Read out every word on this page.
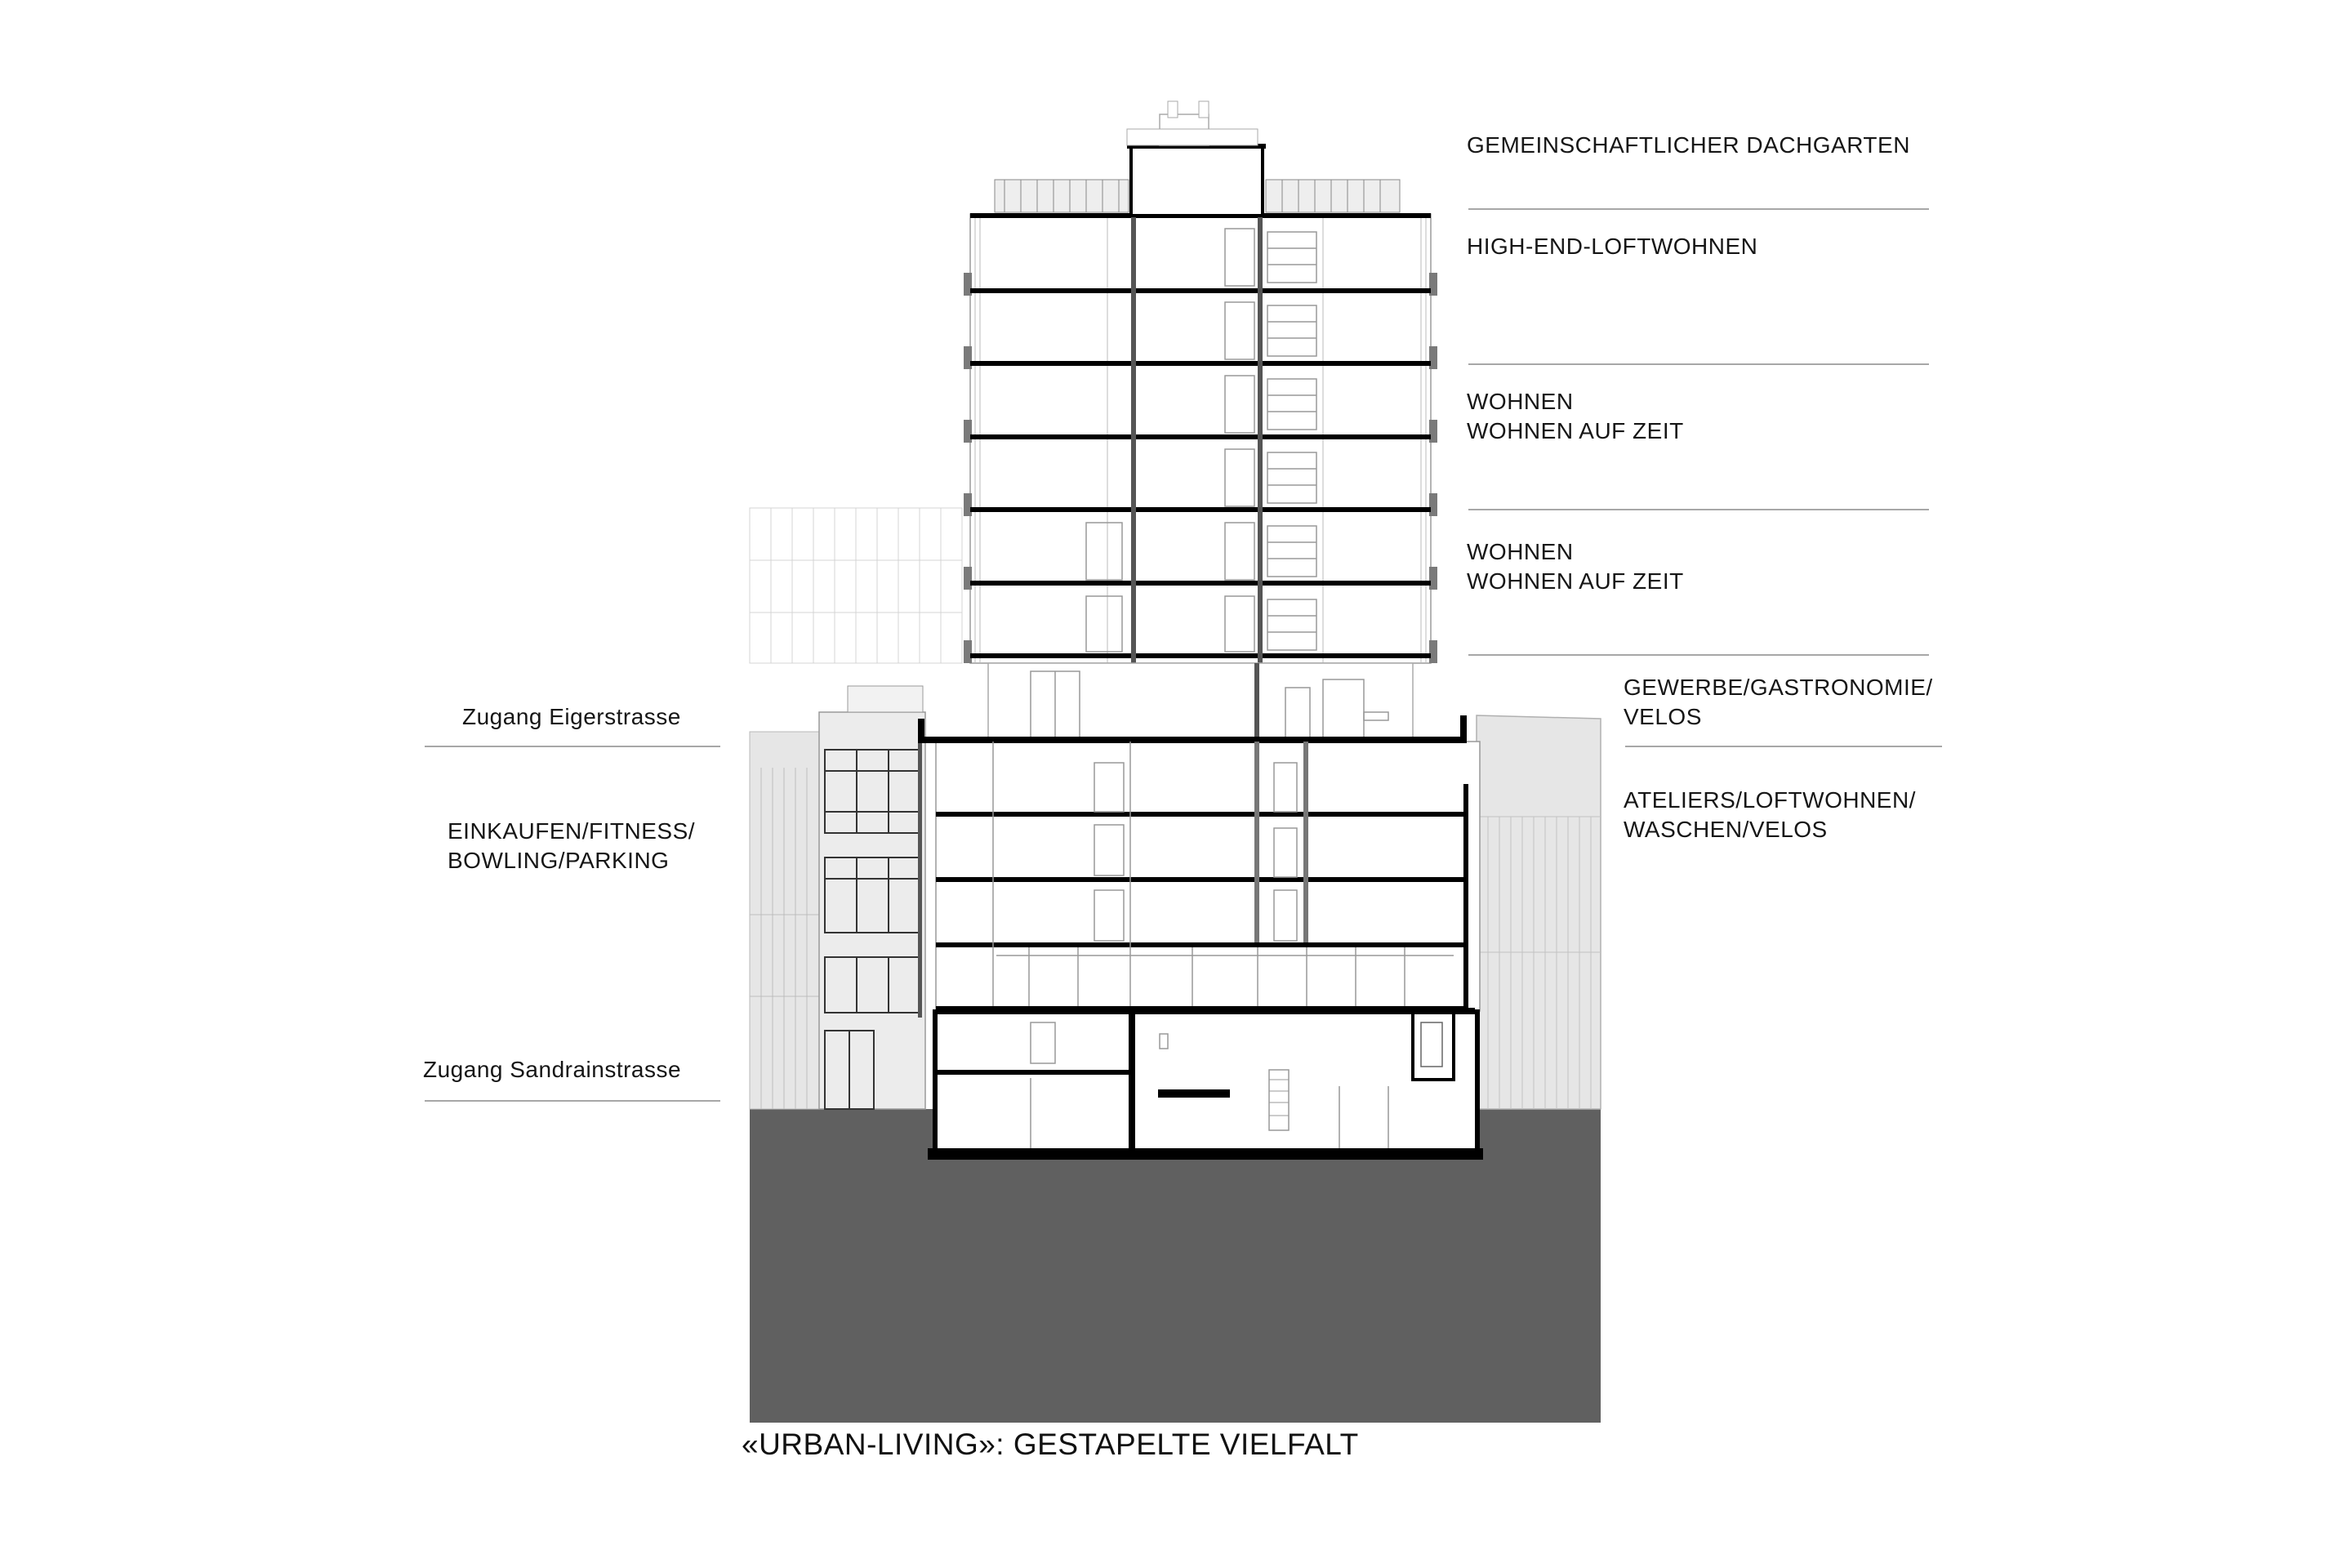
GEMEINSCHAFTLICHER DACHGARTEN
HIGH-END-LOFTWOHNEN
WOHNEN
WOHNEN AUF ZEIT
WOHNEN
WOHNEN AUF ZEIT
GEWERBE/GASTRONOMIE/
VELOS
ATELIERS/LOFTWOHNEN/
WASCHEN/VELOS
Zugang Eigerstrasse
EINKAUFEN/FITNESS/
BOWLING/PARKING
Zugang Sandrainstrasse
«URBAN-LIVING»: GESTAPELTE VIELFALT
